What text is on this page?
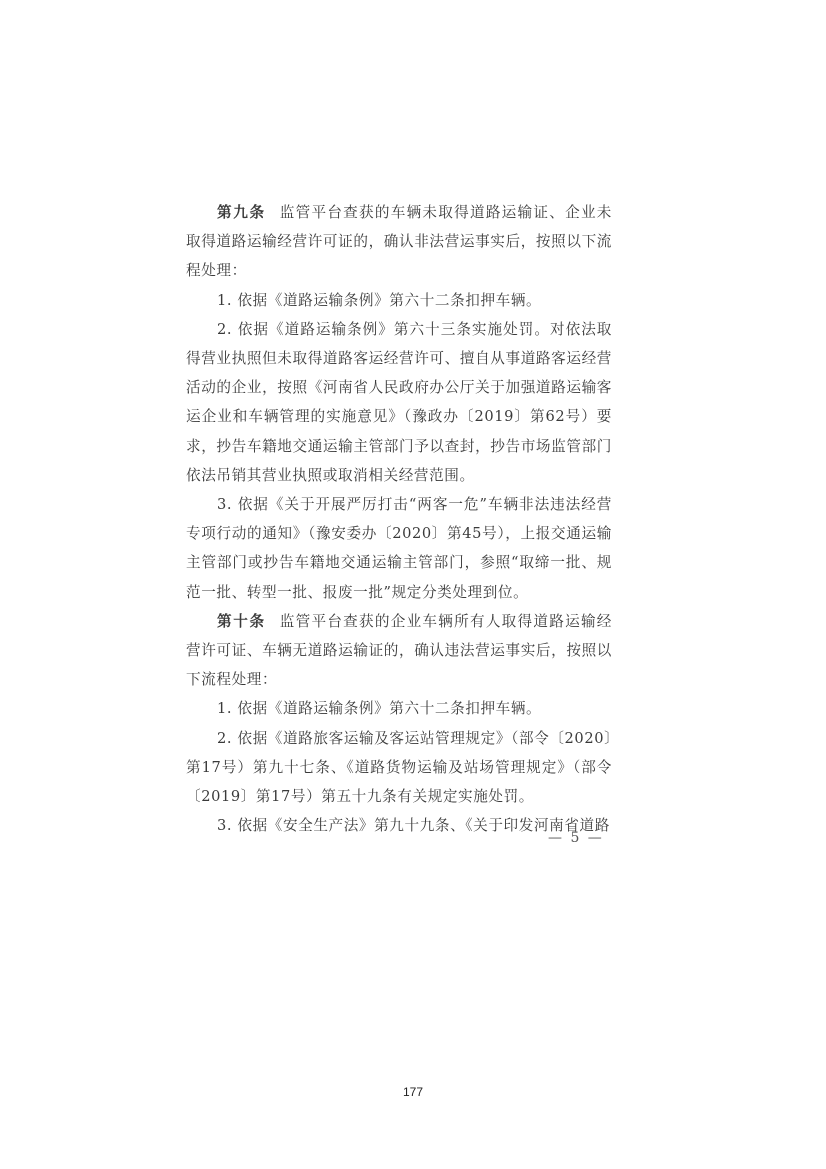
第九条 监管平台查获的车辆未取得道路运输证、企业未取得道路运输经营许可证的，确认非法营运事实后，按照以下流程处理：

1. 依据《道路运输条例》第六十二条扣押车辆。

2. 依据《道路运输条例》第六十三条实施处罚。对依法取得营业执照但未取得道路客运经营许可、擅自从事道路客运经营活动的企业，按照《河南省人民政府办公厅关于加强道路运输客运企业和车辆管理的实施意见》（豫政办〔2019〕第62号）要求，抄告车籍地交通运输主管部门予以查封，抄告市场监管部门依法吊销其营业执照或取消相关经营范围。

3. 依据《关于开展严厉打击“两客一危”车辆非法违法经营专项行动的通知》（豫安委办〔2020〕第45号），上报交通运输主管部门或抄告车籍地交通运输主管部门，参照“取缔一批、规范一批、转型一批、报废一批”规定分类处理到位。

第十条 监管平台查获的企业车辆所有人取得道路运输经营许可证、车辆无道路运输证的，确认违法营运事实后，按照以下流程处理：

1. 依据《道路运输条例》第六十二条扣押车辆。

2. 依据《道路旅客运输及客运站管理规定》（部令〔2020〕第17号）第九十七条、《道路货物运输及站场管理规定》（部令〔2019〕第17号）第五十九条有关规定实施处罚。

3. 依据《安全生产法》第九十九条、《关于印发河南省道路

— 5 —
177
